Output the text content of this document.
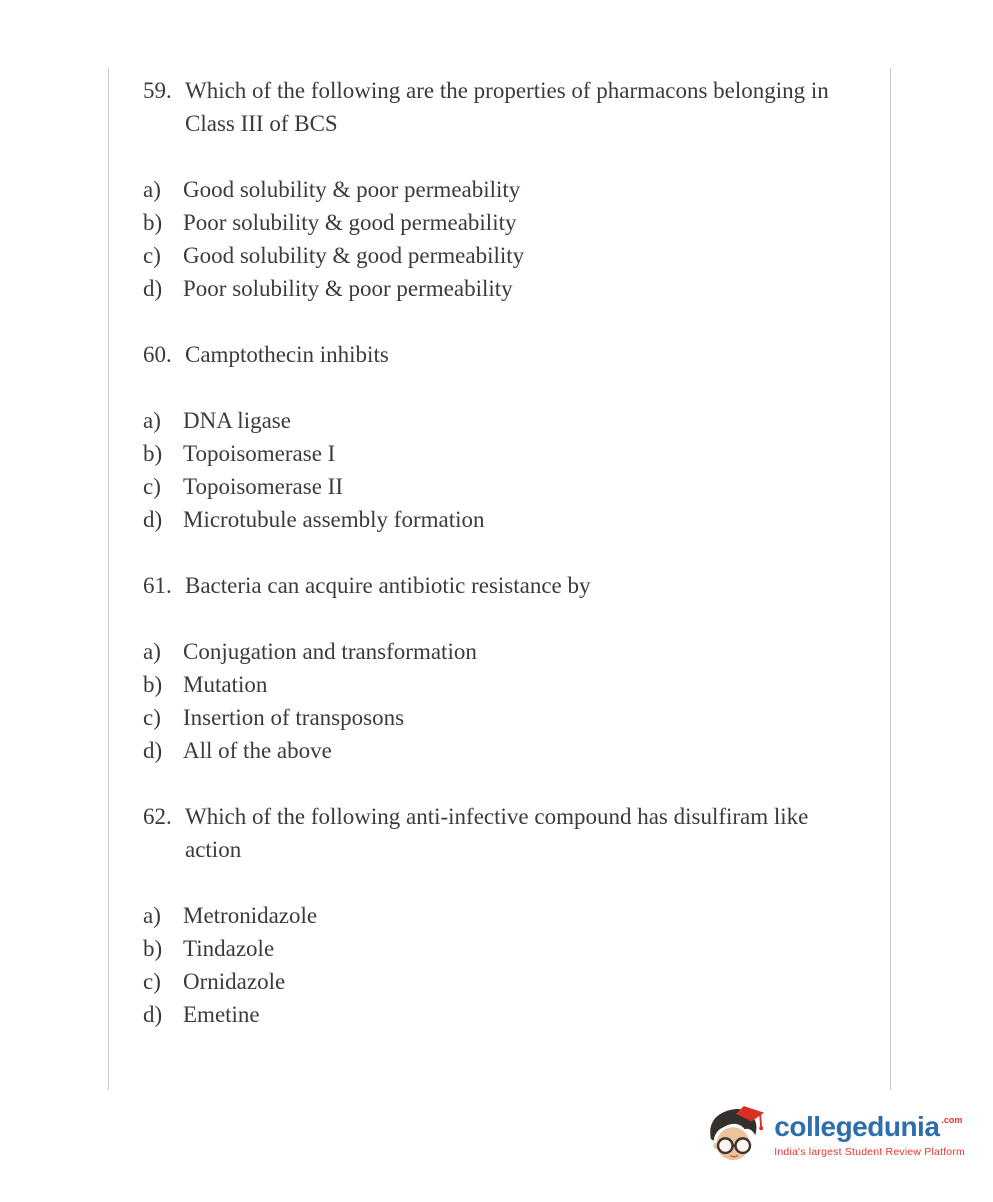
59. Which of the following are the properties of pharmacons belonging in Class III of BCS
a) Good solubility & poor permeability
b) Poor solubility & good permeability
c) Good solubility & good permeability
d) Poor solubility & poor permeability
60. Camptothecin inhibits
a) DNA ligase
b) Topoisomerase I
c) Topoisomerase II
d) Microtubule assembly formation
61. Bacteria can acquire antibiotic resistance by
a) Conjugation and transformation
b) Mutation
c) Insertion of transposons
d) All of the above
62. Which of the following anti-infective compound has disulfiram like action
a) Metronidazole
b) Tindazole
c) Ornidazole
d) Emetine
collegedunia .com
India's largest Student Review Platform
